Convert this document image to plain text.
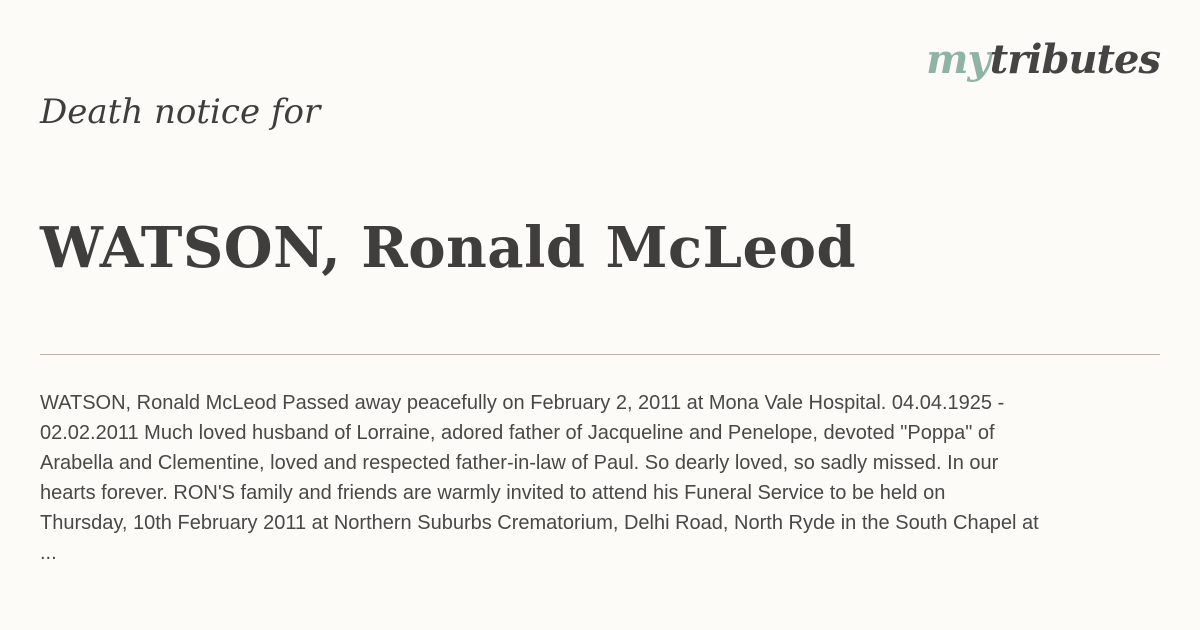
mytributes
Death notice for
WATSON, Ronald McLeod

WATSON, Ronald McLeod Passed away peacefully on February 2, 2011 at Mona Vale Hospital. 04.04.1925 -
02.02.2011 Much loved husband of Lorraine, adored father of Jacqueline and Penelope, devoted "Poppa" of
Arabella and Clementine, loved and respected father-in-law of Paul. So dearly loved, so sadly missed. In our
hearts forever. RON'S family and friends are warmly invited to attend his Funeral Service to be held on
Thursday, 10th February 2011 at Northern Suburbs Crematorium, Delhi Road, North Ryde in the South Chapel at
...
